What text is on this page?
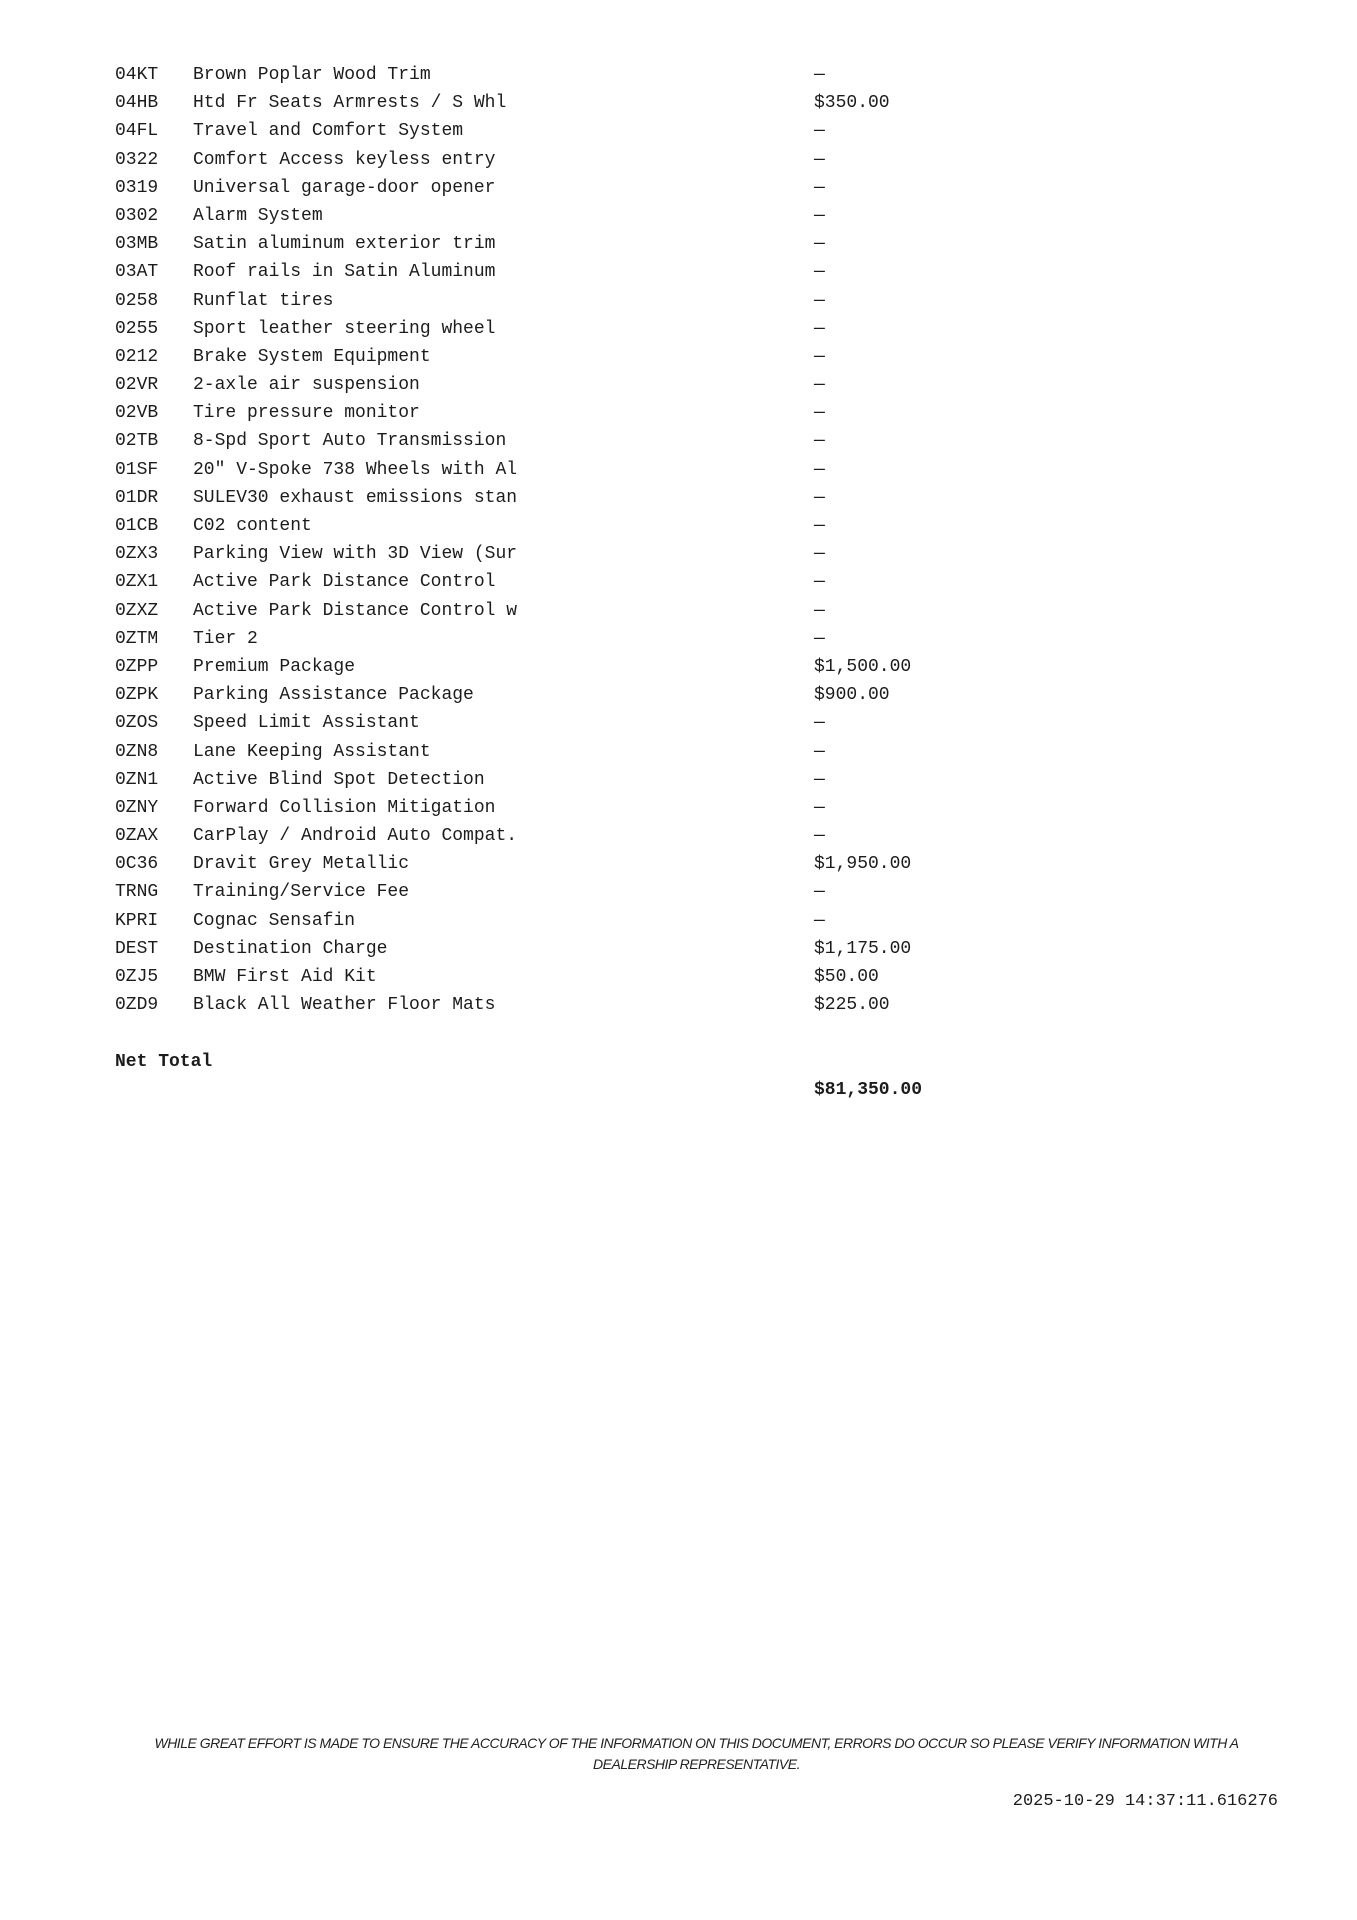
04KT Brown Poplar Wood Trim	—
04HB Htd Fr Seats Armrests / S Whl	$350.00
04FL Travel and Comfort System	—
0322 Comfort Access keyless entry	—
0319 Universal garage-door opener	—
0302 Alarm System	—
03MB Satin aluminum exterior trim	—
03AT Roof rails in Satin Aluminum	—
0258 Runflat tires	—
0255 Sport leather steering wheel	—
0212 Brake System Equipment	—
02VR 2-axle air suspension	—
02VB Tire pressure monitor	—
02TB 8-Spd Sport Auto Transmission	—
01SF 20" V-Spoke 738 Wheels with Al	—
01DR SULEV30 exhaust emissions stan	—
01CB C02 content	—
0ZX3 Parking View with 3D View (Sur	—
0ZX1 Active Park Distance Control	—
0ZXZ Active Park Distance Control w	—
0ZTM Tier 2	—
0ZPP Premium Package	$1,500.00
0ZPK Parking Assistance Package	$900.00
0ZOS Speed Limit Assistant	—
0ZN8 Lane Keeping Assistant	—
0ZN1 Active Blind Spot Detection	—
0ZNY Forward Collision Mitigation	—
0ZAX CarPlay / Android Auto Compat.	—
0C36 Dravit Grey Metallic	$1,950.00
TRNG Training/Service Fee	—
KPRI Cognac Sensafin	—
DEST Destination Charge	$1,175.00
0ZJ5 BMW First Aid Kit	$50.00
0ZD9 Black All Weather Floor Mats	$225.00

Net Total

$81,350.00

WHILE GREAT EFFORT IS MADE TO ENSURE THE ACCURACY OF THE INFORMATION ON THIS DOCUMENT, ERRORS DO OCCUR SO PLEASE VERIFY INFORMATION WITH A
DEALERSHIP REPRESENTATIVE.
2025-10-29 14:37:11.616276
